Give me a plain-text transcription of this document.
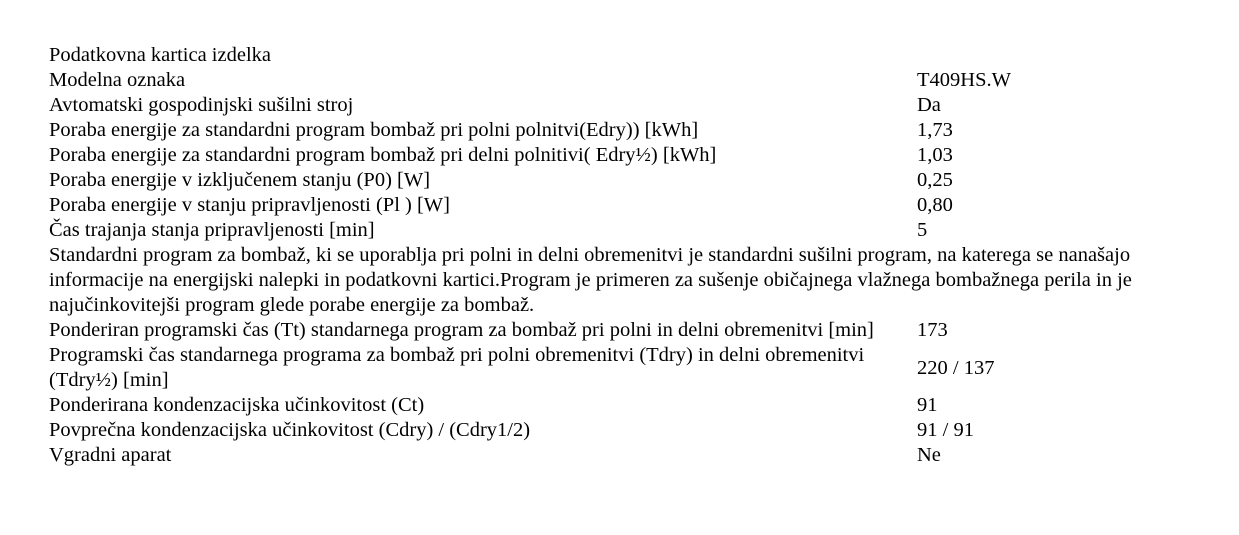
Podatkovna kartica izdelka	
Modelna oznaka	T409HS.W
Avtomatski gospodinjski sušilni stroj	Da
Poraba energije za standardni program bombaž pri polni polnitvi(Edry)) [kWh]	1,73
Poraba energije za standardni program bombaž pri delni polnitivi( Edry½) [kWh]	1,03
Poraba energije v izključenem stanju (P0) [W]	0,25
Poraba energije v stanju pripravljenosti (Pl ) [W]	0,80
Čas trajanja stanja pripravljenosti [min]	5
Standardni program za bombaž, ki se uporablja pri polni in delni obremenitvi je standardni sušilni program, na katerega se nanašajo informacije na energijski nalepki in podatkovni kartici.Program je primeren za sušenje običajnega vlažnega bombažnega perila in je najučinkovitejši program glede porabe energije za bombaž.	
Ponderiran programski čas (Tt) standarnega program za bombaž pri polni in delni obremenitvi [min]	173
Programski čas standarnega programa za bombaž pri polni obremenitvi (Tdry) in delni obremenitvi (Tdry½) [min]	220 / 137
Ponderirana kondenzacijska učinkovitost (Ct)	91
Povprečna kondenzacijska učinkovitost (Cdry) / (Cdry1/2)	91 / 91
Vgradni aparat	Ne
